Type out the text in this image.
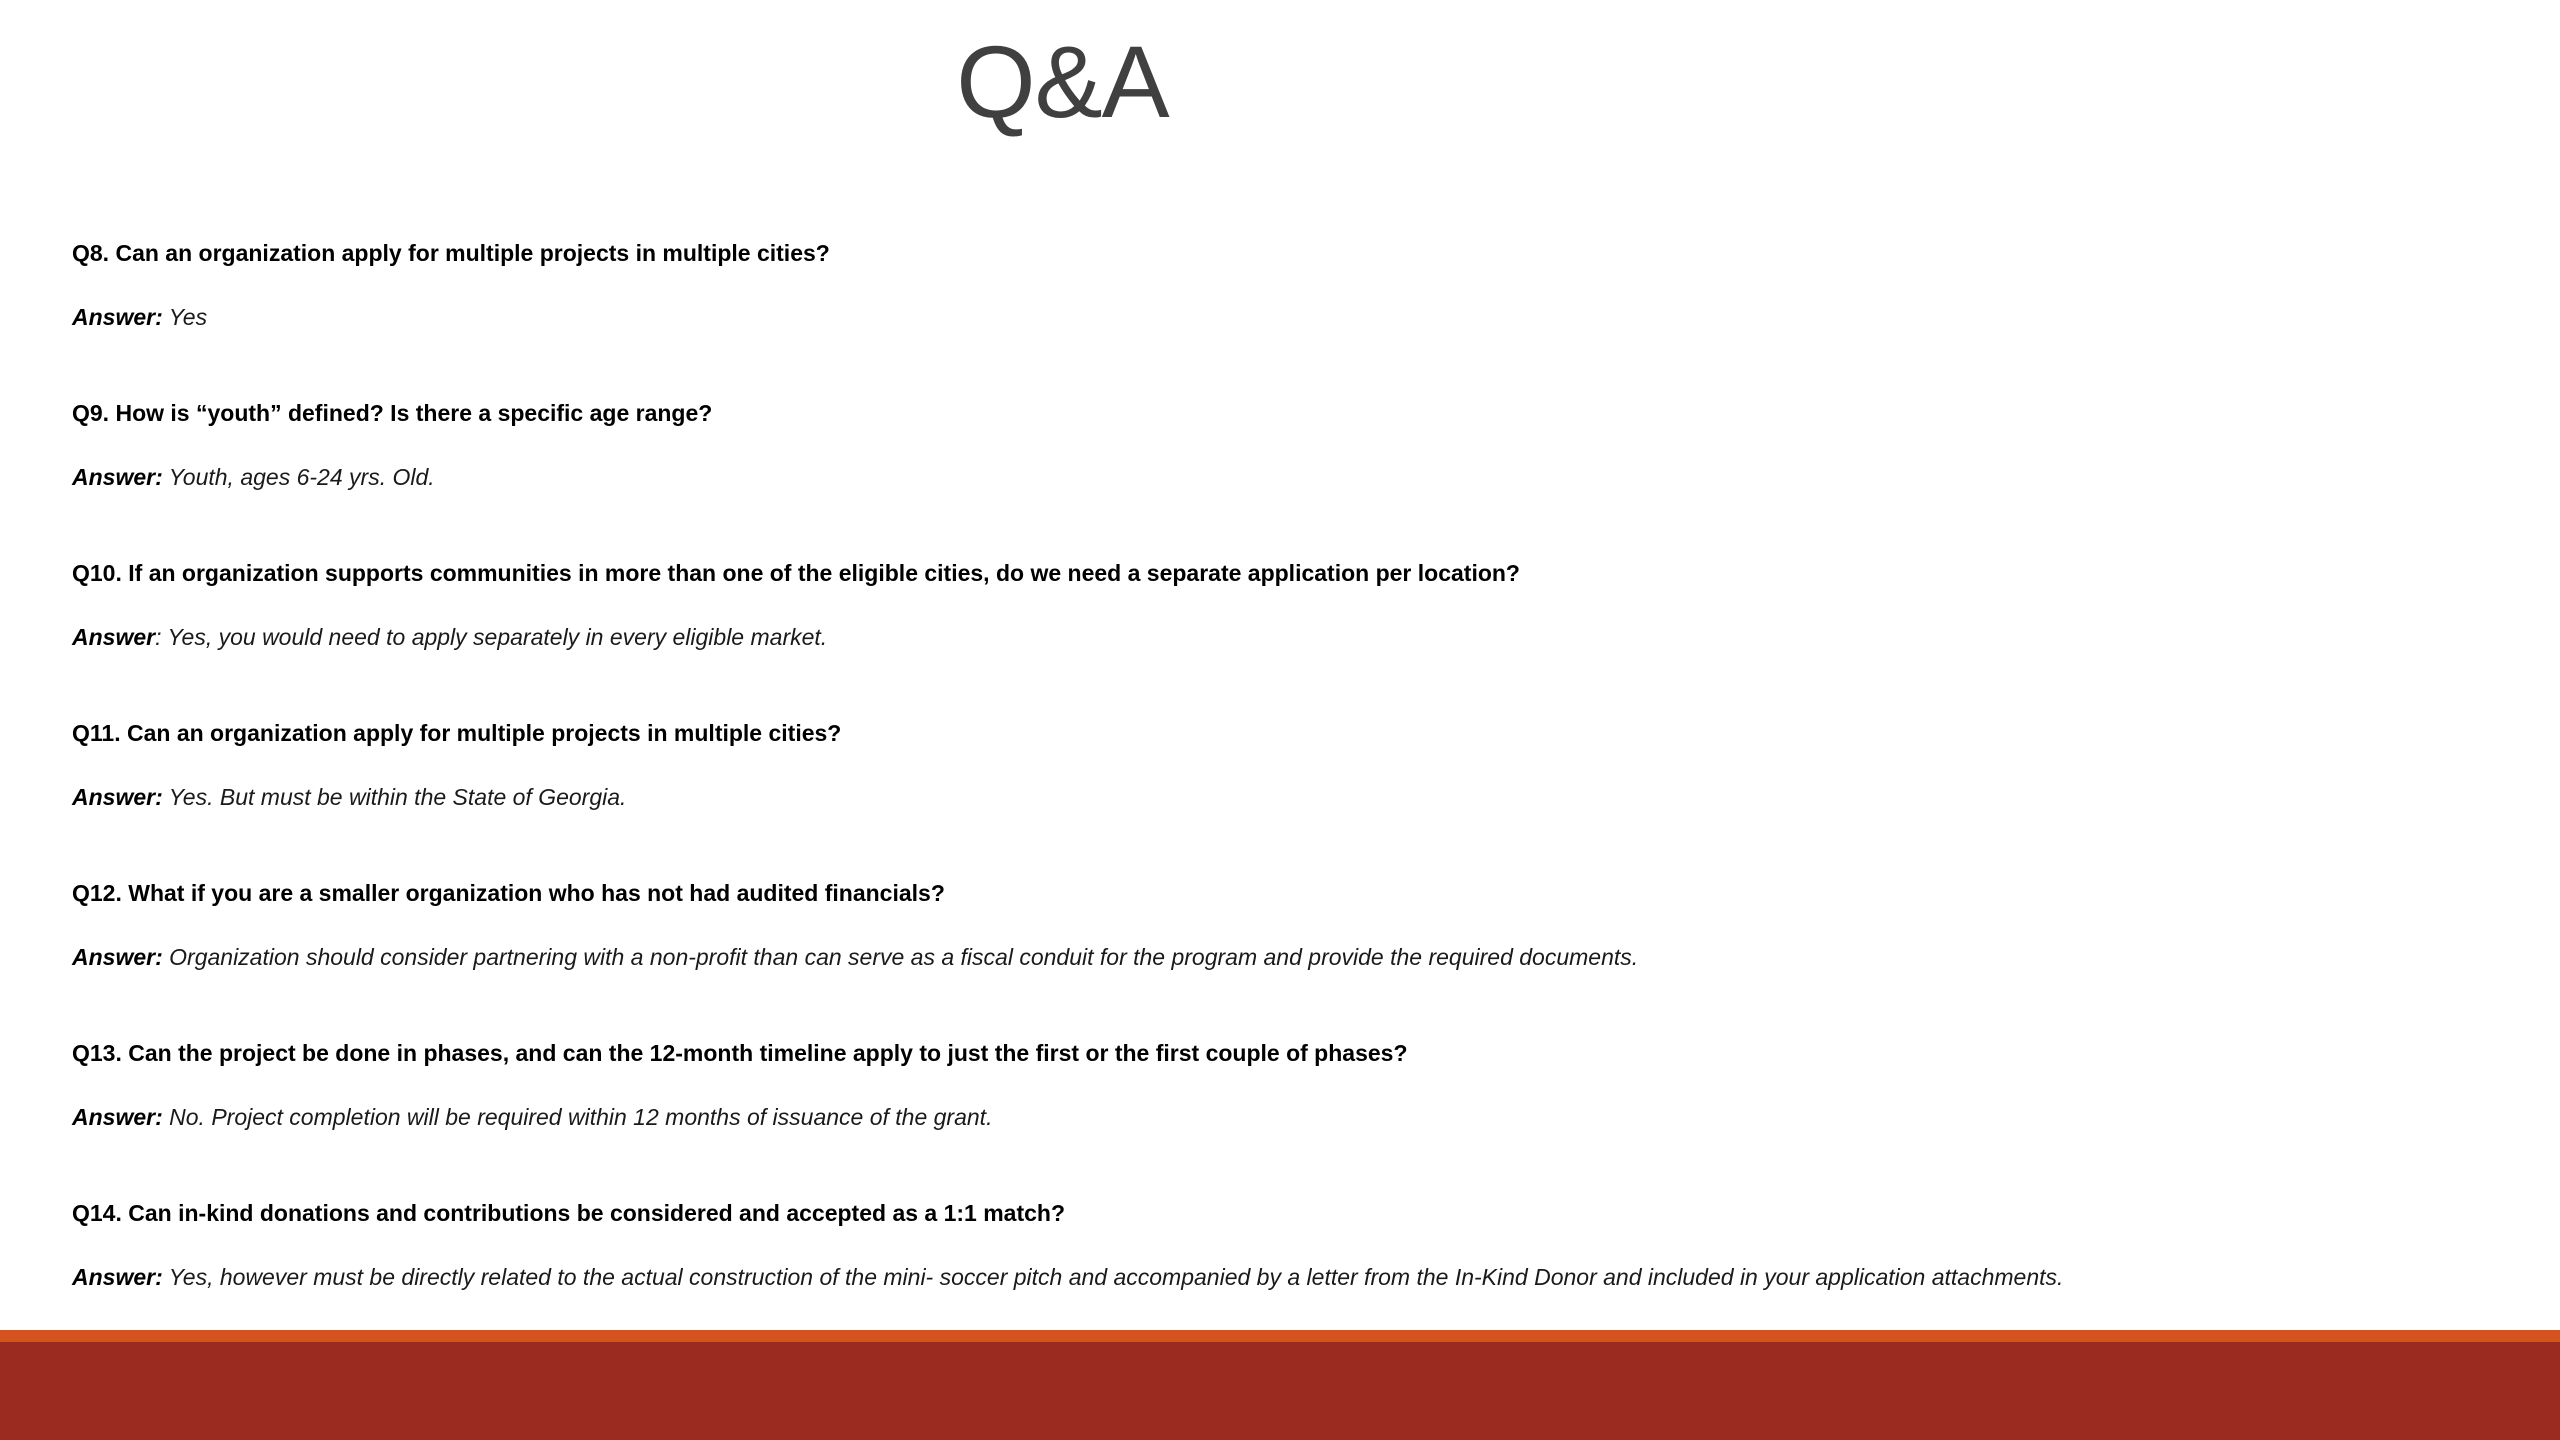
Q&A

Q8. Can an organization apply for multiple projects in multiple cities?

Answer: Yes

Q9. How is “youth” defined? Is there a specific age range?

Answer: Youth, ages 6-24 yrs. Old.

Q10. If an organization supports communities in more than one of the eligible cities, do we need a separate application per location?

Answer: Yes, you would need to apply separately in every eligible market.

Q11. Can an organization apply for multiple projects in multiple cities?

Answer: Yes. But must be within the State of Georgia.

Q12. What if you are a smaller organization who has not had audited financials?

Answer: Organization should consider partnering with a non-profit than can serve as a fiscal conduit for the program and provide the required documents.

Q13. Can the project be done in phases, and can the 12-month timeline apply to just the first or the first couple of phases?

Answer: No. Project completion will be required within 12 months of issuance of the grant.

Q14. Can in-kind donations and contributions be considered and accepted as a 1:1 match?

Answer: Yes, however must be directly related to the actual construction of the mini- soccer pitch and accompanied by a letter from the In-Kind Donor and included in your application attachments.
